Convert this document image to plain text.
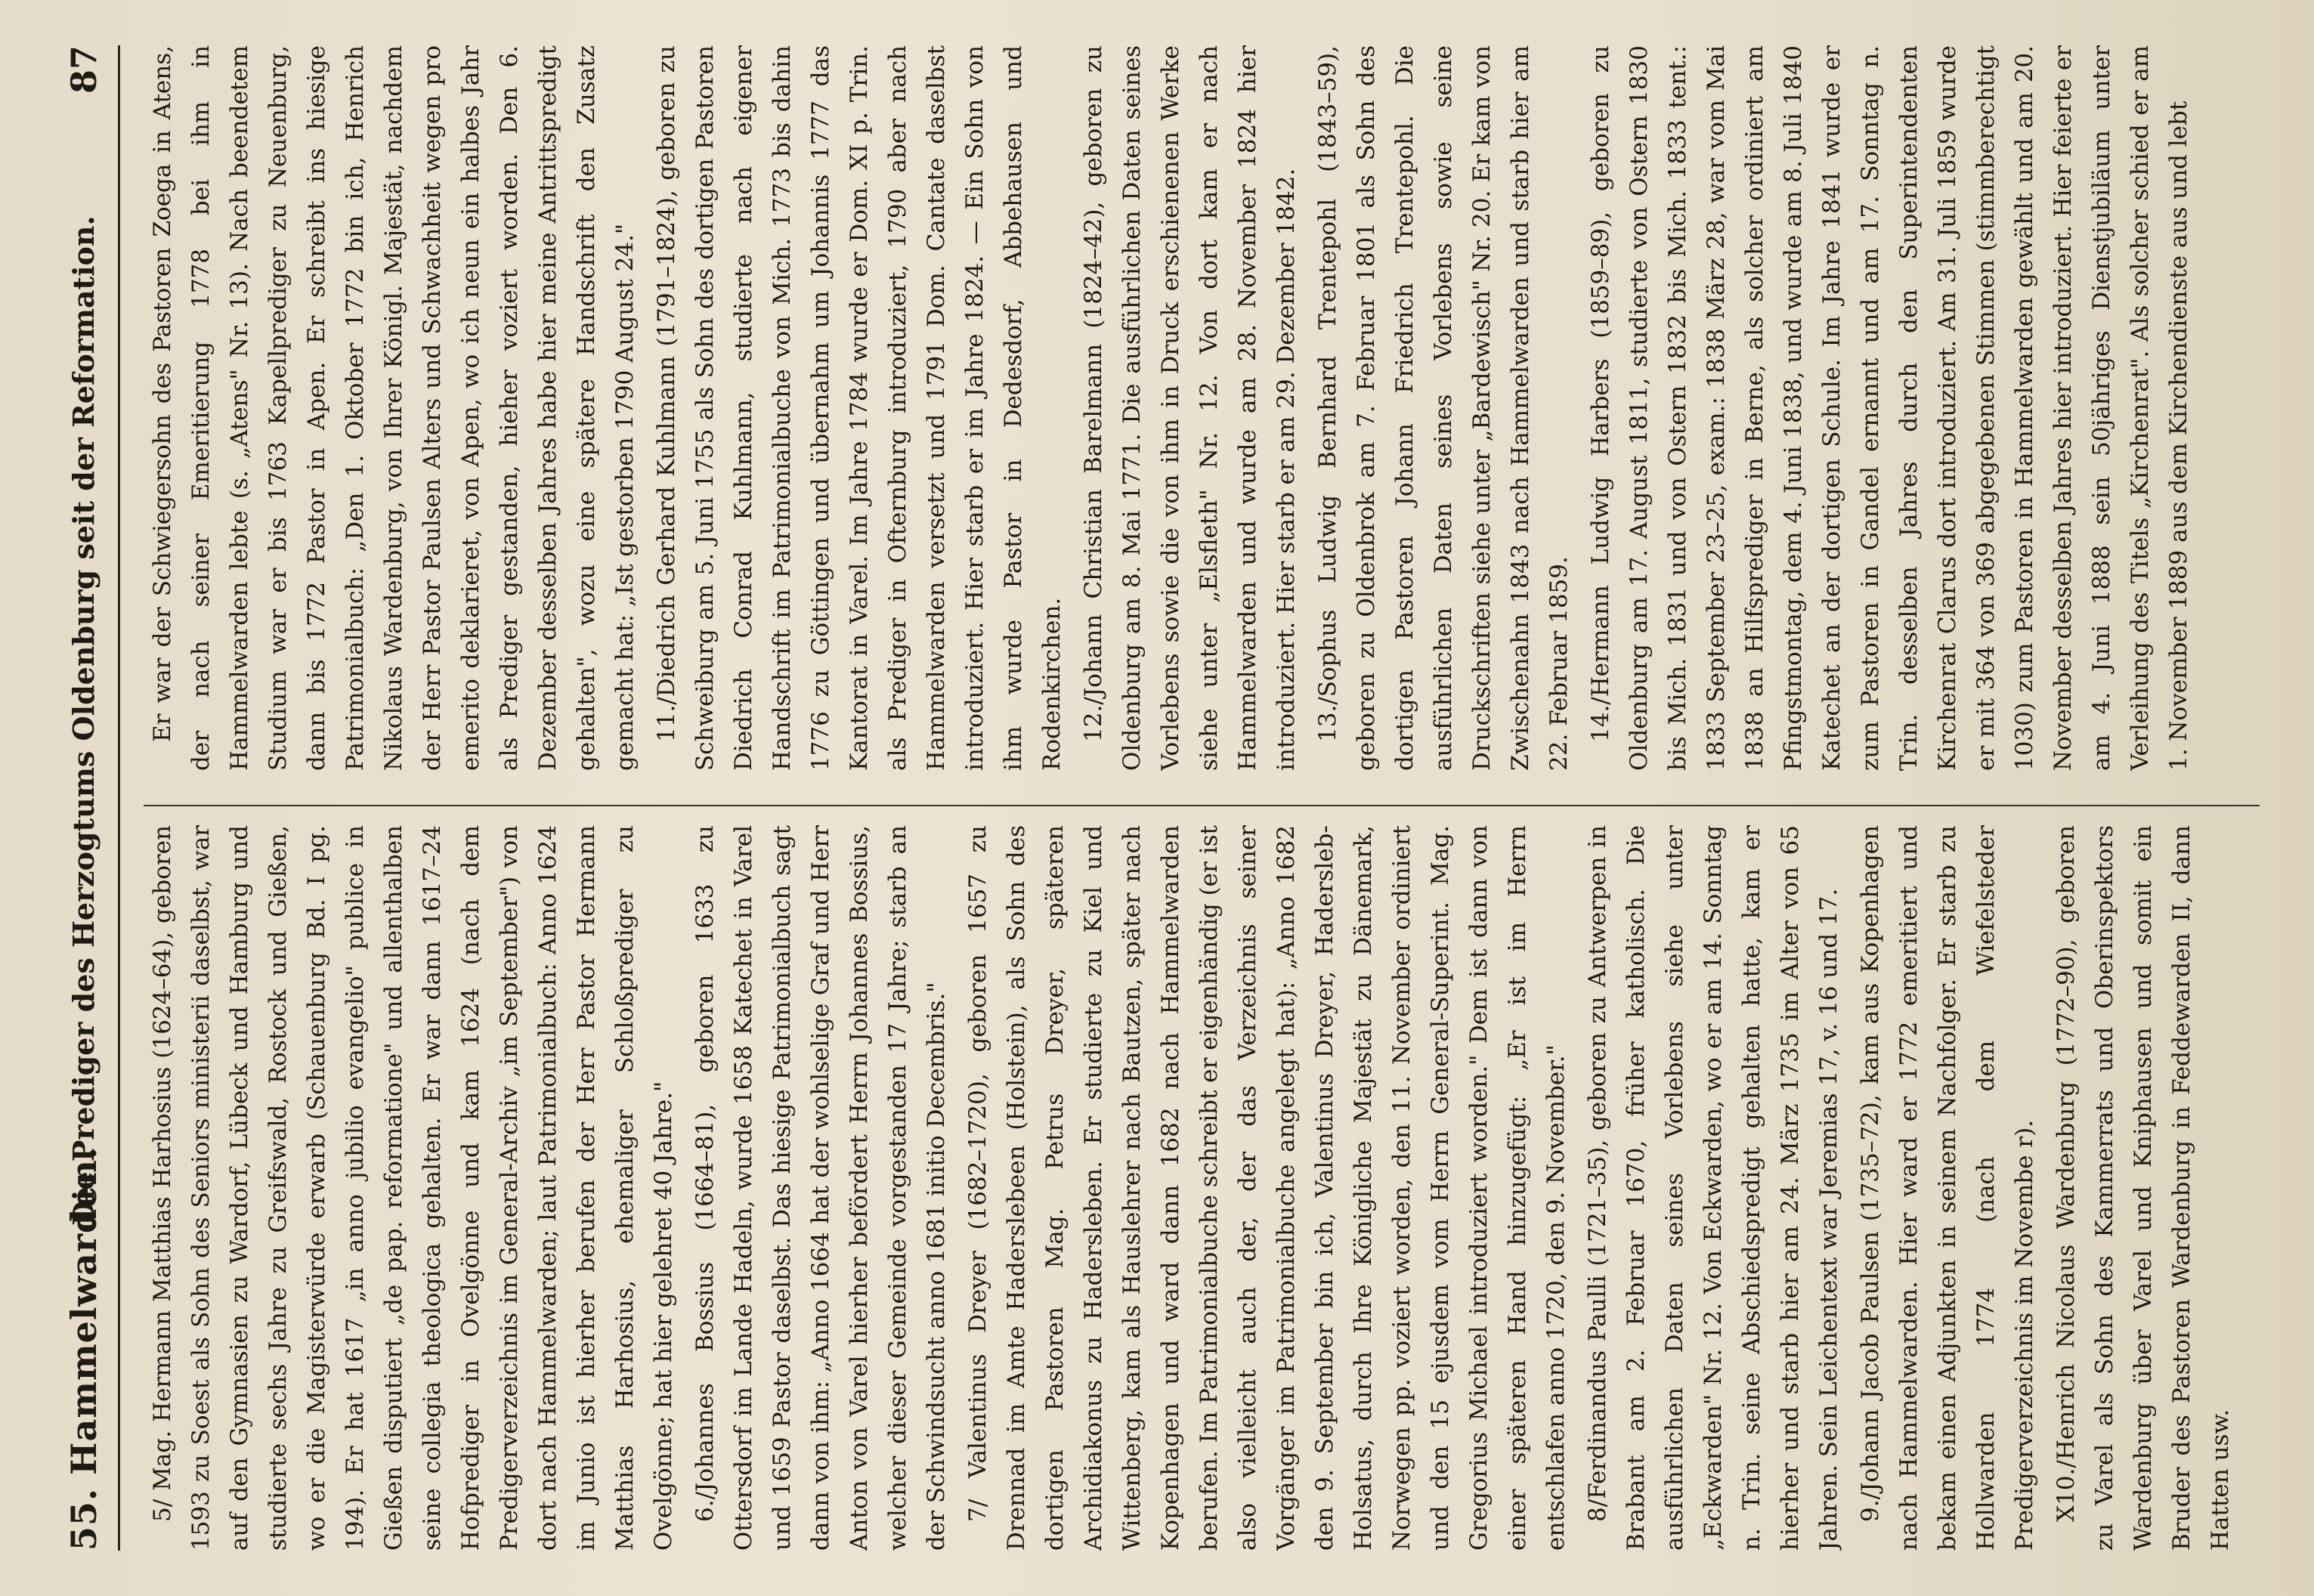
55. Hammelwarden.
Die Prediger des Herzogtums Oldenburg seit der Reformation.
87

5/ Mag. Hermann Matthias Harhosius (1624–64), geboren 1593 zu Soest als Sohn des Seniors ministerii daselbst, war auf den Gymnasien zu Wardorf, Lübeck und Hamburg und studierte sechs Jahre zu Greifswald, Rostock und Gießen, wo er die Magisterwürde erwarb (Schauenburg Bd. I pg. 194). Er hat 1617 „in anno jubilio evangelio" publice in Gießen disputiert „de pap. reformatione" und allenthalben seine collegia theologica gehalten. Er war dann 1617–24 Hofprediger in Ovelgönne und kam 1624 (nach dem Predigerverzeichnis im General-Archiv „im September") von dort nach Hammelwarden; laut Patrimonialbuch: Anno 1624 im Junio ist hierher berufen der Herr Pastor Hermann Matthias Harhosius, ehemaliger Schloßprediger zu Ovelgönne; hat hier gelehret 40 Jahre." 6./Johannes Bossius (1664–81), geboren 1633 zu Ottersdorf im Lande Hadeln, wurde 1658 Katechet in Varel und 1659 Pastor daselbst. Das hiesige Patrimonialbuch sagt dann von ihm: „Anno 1664 hat der wohlselige Graf und Herr Anton von Varel hierher befördert Herrn Johannes Bossius, welcher dieser Gemeinde vorgestanden 17 Jahre; starb an der Schwindsucht anno 1681 initio Decembris." 7/ Valentinus Dreyer (1682–1720), geboren 1657 zu Drennad im Amte Haderslebeen (Holstein), als Sohn des dortigen Pastoren Mag. Petrus Dreyer, späteren Archidiakonus zu Hadersleben. Er studierte zu Kiel und Wittenberg, kam als Hauslehrer nach Bautzen, später nach Kopenhagen und ward dann 1682 nach Hammelwarden berufen. Im Patrimonialbuche schreibt er eigenhändig (er ist also vielleicht auch der, der das Verzeichnis seiner Vorgänger im Patrimonialbuche angelegt hat): „Anno 1682 den 9. September bin ich, Valentinus Dreyer, Hadersleb-Holsatus, durch Ihre Königliche Majestät zu Dänemark, Norwegen pp. voziert worden, den 11. November ordiniert und den 15 ejusdem vom Herrn General-Superint. Mag. Gregorius Michael introduziert worden." Dem ist dann von einer späteren Hand hinzugefügt: „Er ist im Herrn entschlafen anno 1720, den 9. November." 8/Ferdinandus Paulli (1721–35), geboren zu Antwerpen in Brabant am 2. Februar 1670, früher katholisch. Die ausführlichen Daten seines Vorlebens siehe unter „Eckwarden" Nr. 12. Von Eckwarden, wo er am 14. Sonntag n. Trin. seine Abschiedspredigt gehalten hatte, kam er hierher und starb hier am 24. März 1735 im Alter von 65 Jahren. Sein Leichentext war Jeremias 17, v. 16 und 17. 9./Johann Jacob Paulsen (1735–72), kam aus Kopenhagen nach Hammelwarden. Hier ward er 1772 emeritiert und bekam einen Adjunkten in seinem Nachfolger. Er starb zu Hollwarden 1774 (nach dem Wiefelsteder Predigerverzeichnis im Novembe r). X10./Henrich Nicolaus Wardenburg (1772–90), geboren zu Varel als Sohn des Kammerrats und Oberinspektors Wardenburg über Varel und Kniphausen und somit ein Bruder des Pastoren Wardenburg in Feddewarden II, dann Hatten usw.

Er war der Schwiegersohn des Pastoren Zoega in Atens, der nach seiner Emeritierung 1778 bei ihm in Hammelwarden lebte (s. „Atens" Nr. 13). Nach beendetem Studium war er bis 1763 Kapellprediger zu Neuenburg, dann bis 1772 Pastor in Apen. Er schreibt ins hiesige Patrimonialbuch: „Den 1. Oktober 1772 bin ich, Henrich Nikolaus Wardenburg, von Ihrer Königl. Majestät, nachdem der Herr Pastor Paulsen Alters und Schwachheit wegen pro emerito deklarieret, von Apen, wo ich neun ein halbes Jahr als Prediger gestanden, hieher voziert worden. Den 6. Dezember desselben Jahres habe hier meine Antrittspredigt gehalten", wozu eine spätere Handschrift den Zusatz gemacht hat: „Ist gestorben 1790 August 24." 11./Diedrich Gerhard Kuhlmann (1791–1824), geboren zu Schweiburg am 5. Juni 1755 als Sohn des dortigen Pastoren Diedrich Conrad Kuhlmann, studierte nach eigener Handschrift im Patrimonialbuche von Mich. 1773 bis dahin 1776 zu Göttingen und übernahm um Johannis 1777 das Kantorat in Varel. Im Jahre 1784 wurde er Dom. XI p. Trin. als Prediger in Ofternburg introduziert, 1790 aber nach Hammelwarden versetzt und 1791 Dom. Cantate daselbst introduziert. Hier starb er im Jahre 1824. — Ein Sohn von ihm wurde Pastor in Dedesdorf, Abbehausen und Rodenkirchen. 12./Johann Christian Barelmann (1824–42), geboren zu Oldenburg am 8. Mai 1771. Die ausführlichen Daten seines Vorlebens sowie die von ihm in Druck erschienenen Werke siehe unter „Elsfleth" Nr. 12. Von dort kam er nach Hammelwarden und wurde am 28. November 1824 hier introduziert. Hier starb er am 29. Dezember 1842. 13./Sophus Ludwig Bernhard Trentepohl (1843–59), geboren zu Oldenbrok am 7. Februar 1801 als Sohn des dortigen Pastoren Johann Friedrich Trentepohl. Die ausführlichen Daten seines Vorlebens sowie seine Druckschriften siehe unter „Bardewisch" Nr. 20. Er kam von Zwischenahn 1843 nach Hammelwarden und starb hier am 22. Februar 1859. 14./Hermann Ludwig Harbers (1859–89), geboren zu Oldenburg am 17. August 1811, studierte von Ostern 1830 bis Mich. 1831 und von Ostern 1832 bis Mich. 1833 tent.: 1833 September 23–25, exam.: 1838 März 28, war vom Mai 1838 an Hilfsprediger in Berne, als solcher ordiniert am Pfingstmontag, dem 4. Juni 1838, und wurde am 8. Juli 1840 Katechet an der dortigen Schule. Im Jahre 1841 wurde er zum Pastoren in Gandel ernannt und am 17. Sonntag n. Trin. desselben Jahres durch den Superintendenten Kirchenrat Clarus dort introduziert. Am 31. Juli 1859 wurde er mit 364 von 369 abgegebenen Stimmen (stimmberechtigt 1030) zum Pastoren in Hammelwarden gewählt und am 20. November desselben Jahres hier introduziert. Hier feierte er am 4. Juni 1888 sein 50jähriges Dienstjubiläum unter Verleihung des Titels „Kirchenrat". Als solcher schied er am 1. November 1889 aus dem Kirchendienste aus und lebt
